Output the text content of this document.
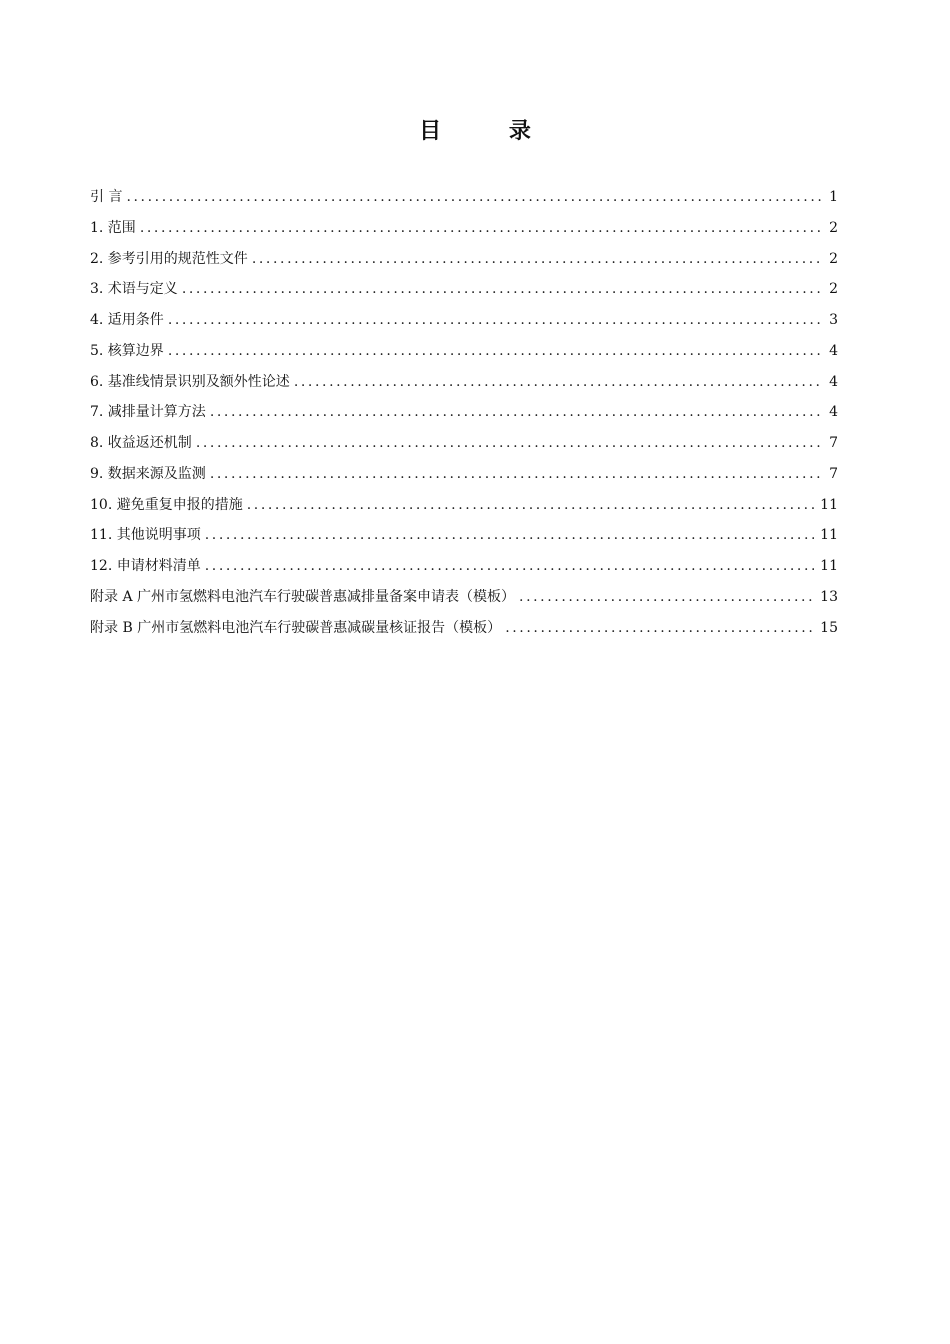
目 录
引 言 .....	1
1. 范围 .....	2
2. 参考引用的规范性文件 .....	2
3. 术语与定义 .....	2
4. 适用条件 .....	3
5. 核算边界 .....	4
6. 基准线情景识别及额外性论述 .....	4
7. 减排量计算方法 .....	4
8. 收益返还机制 .....	7
9. 数据来源及监测 .....	7
10. 避免重复申报的措施 .....	11
11. 其他说明事项 .....	11
12. 申请材料清单 .....	11
附录 A 广州市氢燃料电池汽车行驶碳普惠减排量备案申请表（模板） .....	13
附录 B 广州市氢燃料电池汽车行驶碳普惠减碳量核证报告（模板） .....	15
